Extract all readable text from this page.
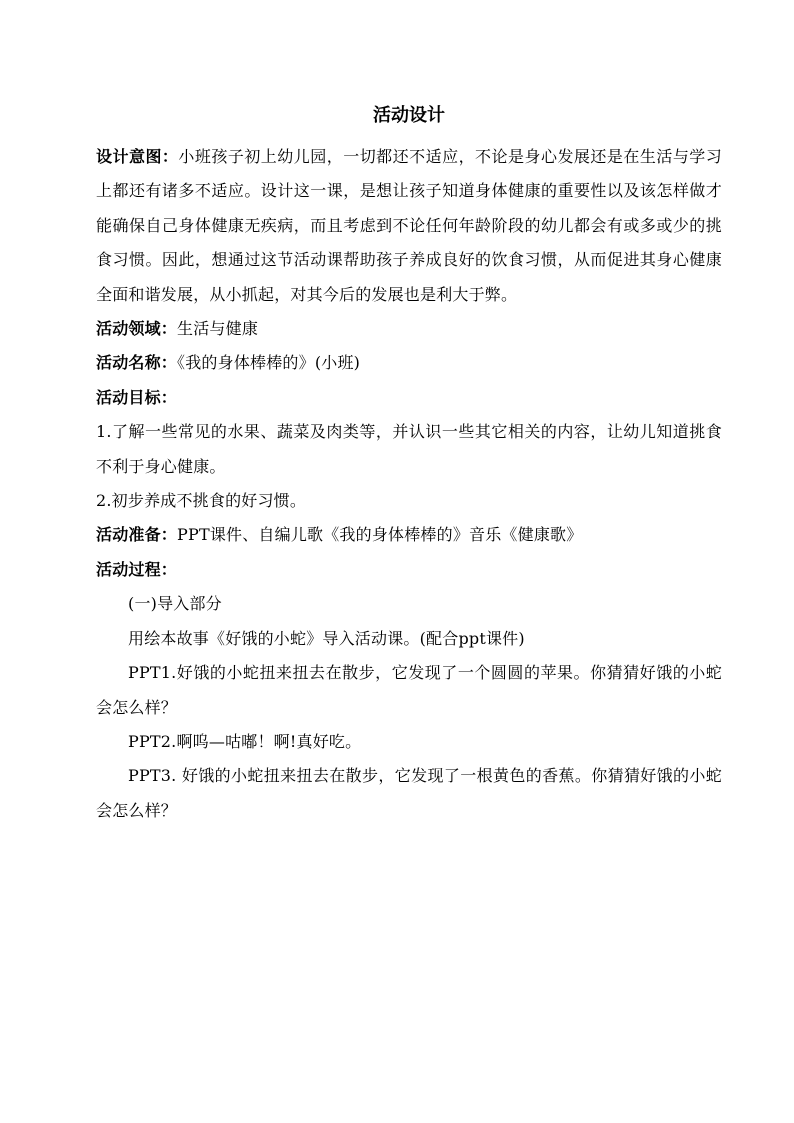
活动设计

设计意图：小班孩子初上幼儿园，一切都还不适应，不论是身心发展还是在生活与学习上都还有诸多不适应。设计这一课，是想让孩子知道身体健康的重要性以及该怎样做才能确保自己身体健康无疾病，而且考虑到不论任何年龄阶段的幼儿都会有或多或少的挑食习惯。因此，想通过这节活动课帮助孩子养成良好的饮食习惯，从而促进其身心健康全面和谐发展，从小抓起，对其今后的发展也是利大于弊。

活动领域：生活与健康

活动名称：《我的身体棒棒的》(小班)

活动目标：

1.了解一些常见的水果、蔬菜及肉类等，并认识一些其它相关的内容，让幼儿知道挑食不利于身心健康。

2.初步养成不挑食的好习惯。

活动准备：PPT课件、自编儿歌《我的身体棒棒的》音乐《健康歌》

活动过程：

(一)导入部分

用绘本故事《好饿的小蛇》导入活动课。(配合ppt课件)

PPT1.好饿的小蛇扭来扭去在散步，它发现了一个圆圆的苹果。你猜猜好饿的小蛇会怎么样？

PPT2.啊呜—咕嘟！啊!真好吃。

PPT3. 好饿的小蛇扭来扭去在散步，它发现了一根黄色的香蕉。你猜猜好饿的小蛇会怎么样？
